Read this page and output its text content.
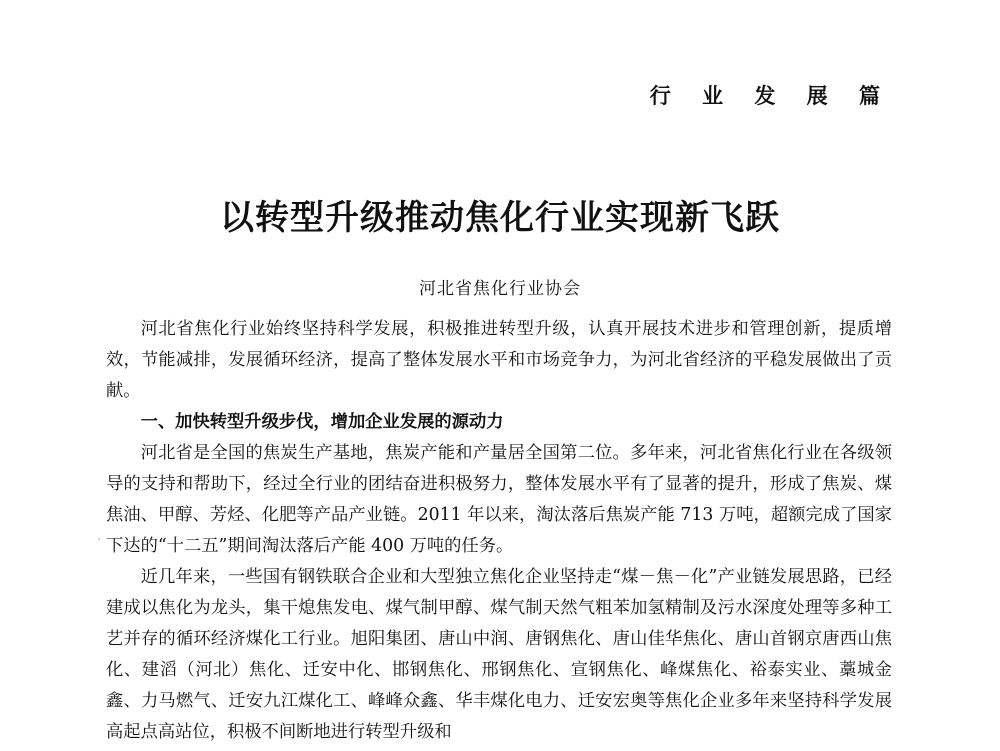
行 业 发 展 篇
以转型升级推动焦化行业实现新飞跃
河北省焦化行业协会

河北省焦化行业始终坚持科学发展，积极推进转型升级，认真开展技术进步和管理创新，提质增效，节能减排，发展循环经济，提高了整体发展水平和市场竞争力，为河北省经济的平稳发展做出了贡献。

一、加快转型升级步伐，增加企业发展的源动力

河北省是全国的焦炭生产基地，焦炭产能和产量居全国第二位。多年来，河北省焦化行业在各级领导的支持和帮助下，经过全行业的团结奋进积极努力，整体发展水平有了显著的提升，形成了焦炭、煤焦油、甲醇、芳烃、化肥等产品产业链。2011 年以来，淘汰落后焦炭产能 713 万吨，超额完成了国家下达的“十二五”期间淘汰落后产能 400 万吨的任务。

近几年来，一些国有钢铁联合企业和大型独立焦化企业坚持走“煤－焦－化”产业链发展思路，已经建成以焦化为龙头，集干熄焦发电、煤气制甲醇、煤气制天然气粗苯加氢精制及污水深度处理等多种工艺并存的循环经济煤化工行业。旭阳集团、唐山中润、唐钢焦化、唐山佳华焦化、唐山首钢京唐西山焦化、建滔（河北）焦化、迁安中化、邯钢焦化、邢钢焦化、宣钢焦化、峰煤焦化、裕泰实业、藁城金鑫、力马燃气、迁安九江煤化工、峰峰众鑫、华丰煤化电力、迁安宏奥等焦化企业多年来坚持科学发展高起点高站位，积极不间断地进行转型升级和
